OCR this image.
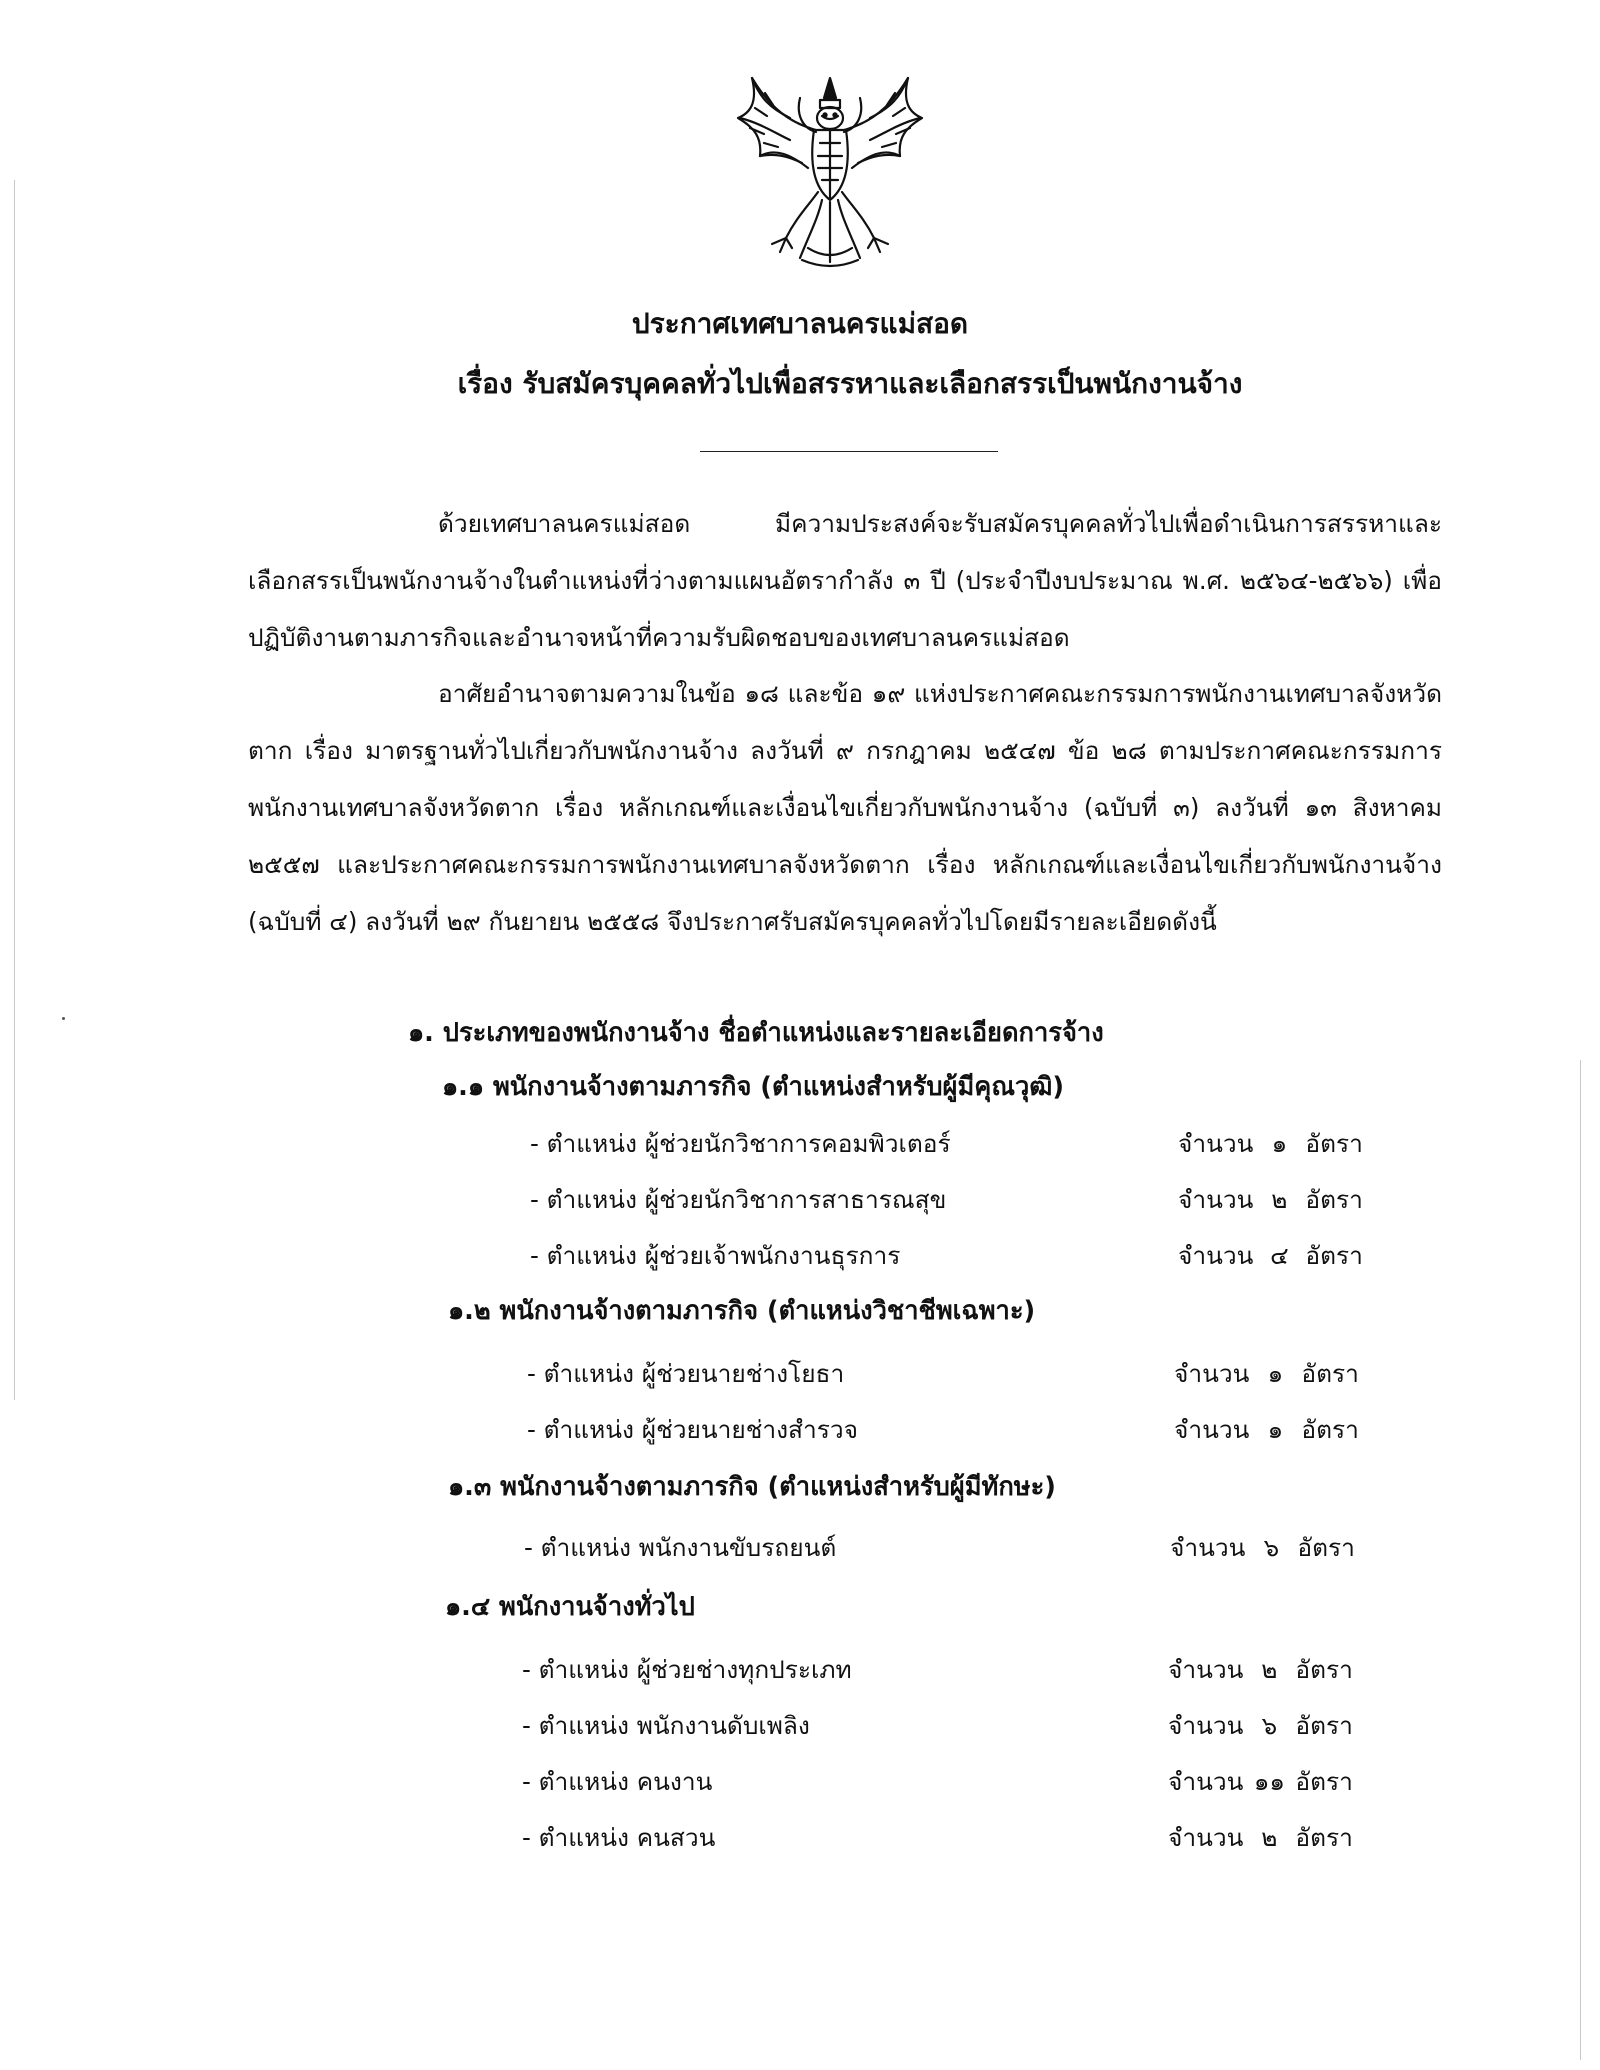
ประกาศเทศบาลนครแม่สอด
เรื่อง รับสมัครบุคคลทั่วไปเพื่อสรรหาและเลือกสรรเป็นพนักงานจ้าง
ด้วยเทศบาลนครแม่สอด มีความประสงค์จะรับสมัครบุคคลทั่วไปเพื่อดำเนินการสรรหาและเลือกสรรเป็นพนักงานจ้างในตำแหน่งที่ว่างตามแผนอัตรากำลัง ๓ ปี (ประจำปีงบประมาณ พ.ศ. ๒๕๖๔-๒๕๖๖) เพื่อปฏิบัติงานตามภารกิจและอำนาจหน้าที่ความรับผิดชอบของเทศบาลนครแม่สอด
อาศัยอำนาจตามความในข้อ ๑๘ และข้อ ๑๙ แห่งประกาศคณะกรรมการพนักงานเทศบาลจังหวัดตาก เรื่อง มาตรฐานทั่วไปเกี่ยวกับพนักงานจ้าง ลงวันที่ ๙ กรกฎาคม ๒๕๔๗ ข้อ ๒๘ ตามประกาศคณะกรรมการพนักงานเทศบาลจังหวัดตาก เรื่อง หลักเกณฑ์และเงื่อนไขเกี่ยวกับพนักงานจ้าง (ฉบับที่ ๓) ลงวันที่ ๑๓ สิงหาคม ๒๕๕๗ และประกาศคณะกรรมการพนักงานเทศบาลจังหวัดตาก เรื่อง หลักเกณฑ์และเงื่อนไขเกี่ยวกับพนักงานจ้าง (ฉบับที่ ๔) ลงวันที่ ๒๙ กันยายน ๒๕๕๘ จึงประกาศรับสมัครบุคคลทั่วไปโดยมีรายละเอียดดังนี้
๑. ประเภทของพนักงานจ้าง ชื่อตำแหน่งและรายละเอียดการจ้าง
๑.๑ พนักงานจ้างตามภารกิจ (ตำแหน่งสำหรับผู้มีคุณวุฒิ)
- ตำแหน่ง ผู้ช่วยนักวิชาการคอมพิวเตอร์	จำนวน ๑ อัตรา
- ตำแหน่ง ผู้ช่วยนักวิชาการสาธารณสุข	จำนวน ๒ อัตรา
- ตำแหน่ง ผู้ช่วยเจ้าพนักงานธุรการ	จำนวน ๔ อัตรา
๑.๒ พนักงานจ้างตามภารกิจ (ตำแหน่งวิชาชีพเฉพาะ)
- ตำแหน่ง ผู้ช่วยนายช่างโยธา	จำนวน ๑ อัตรา
- ตำแหน่ง ผู้ช่วยนายช่างสำรวจ	จำนวน ๑ อัตรา
๑.๓ พนักงานจ้างตามภารกิจ (ตำแหน่งสำหรับผู้มีทักษะ)
- ตำแหน่ง พนักงานขับรถยนต์	จำนวน ๖ อัตรา
๑.๔ พนักงานจ้างทั่วไป
- ตำแหน่ง ผู้ช่วยช่างทุกประเภท	จำนวน ๒ อัตรา
- ตำแหน่ง พนักงานดับเพลิง	จำนวน ๖ อัตรา
- ตำแหน่ง คนงาน	จำนวน ๑๑ อัตรา
- ตำแหน่ง คนสวน	จำนวน ๒ อัตรา
